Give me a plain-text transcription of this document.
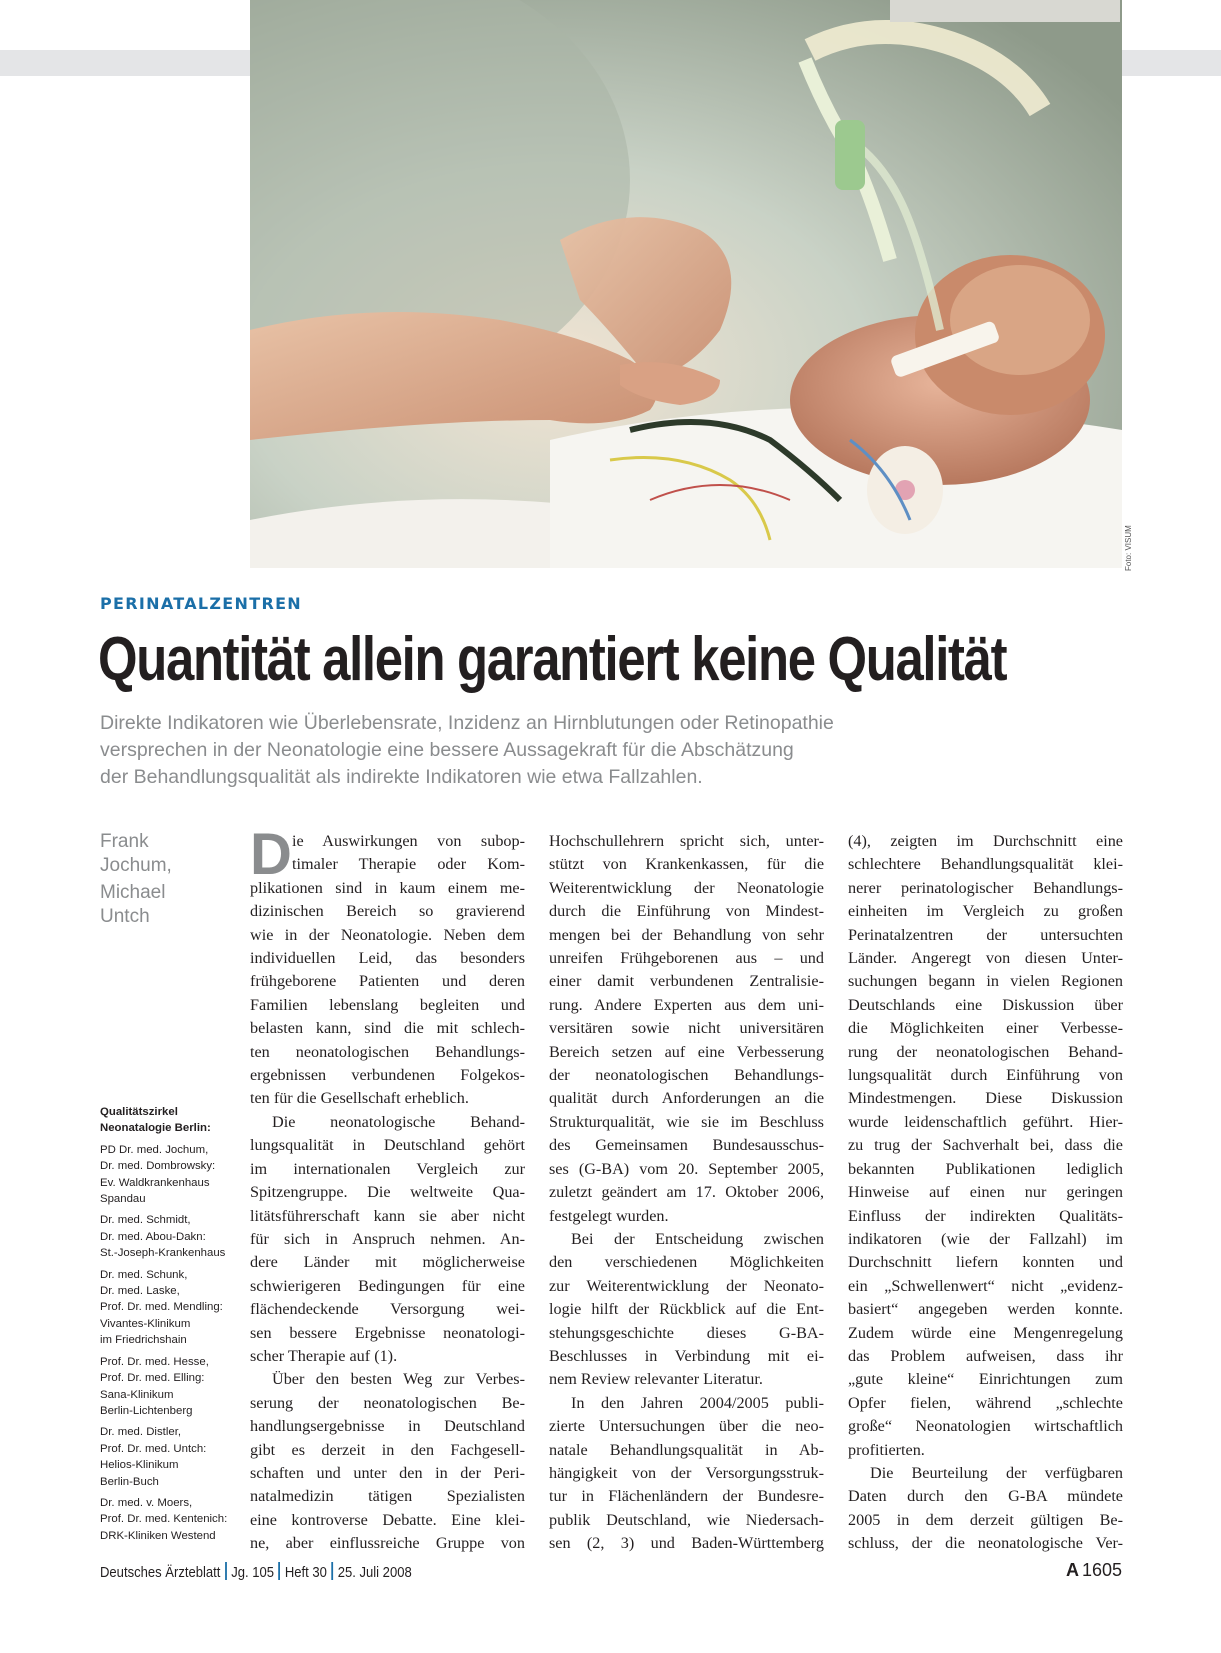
Foto: VISUM
PERINATALZENTREN
Quantität allein garantiert keine Qualität
Direkte Indikatoren wie Überlebensrate, Inzidenz an Hirnblutungen oder Retinopathie
versprechen in der Neonatologie eine bessere Aussagekraft für die Abschätzung
der Behandlungsqualität als indirekte Indikatoren wie etwa Fallzahlen.
Frank
Jochum,
Michael
Untch
Qualitätszirkel
Neonatalogie Berlin:
PD Dr. med. Jochum,
Dr. med. Dombrowsky:
Ev. Waldkrankenhaus
Spandau
Dr. med. Schmidt,
Dr. med. Abou-Dakn:
St.-Joseph-Krankenhaus
Dr. med. Schunk,
Dr. med. Laske,
Prof. Dr. med. Mendling:
Vivantes-Klinikum
im Friedrichshain
Prof. Dr. med. Hesse,
Prof. Dr. med. Elling:
Sana-Klinikum
Berlin-Lichtenberg
Dr. med. Distler,
Prof. Dr. med. Untch:
Helios-Klinikum
Berlin-Buch
Dr. med. v. Moers,
Prof. Dr. med. Kentenich:
DRK-Kliniken Westend
D ie Auswirkungen von subop-
timaler Therapie oder Kom-
plikationen sind in kaum einem me-
dizinischen Bereich so gravierend
wie in der Neonatologie. Neben dem
individuellen Leid, das besonders
frühgeborene Patienten und deren
Familien lebenslang begleiten und
belasten kann, sind die mit schlech-
ten neonatologischen Behandlungs-
ergebnissen verbundenen Folgekos-
ten für die Gesellschaft erheblich.
Die neonatologische Behand-
lungsqualität in Deutschland gehört
im internationalen Vergleich zur
Spitzengruppe. Die weltweite Qua-
litätsführerschaft kann sie aber nicht
für sich in Anspruch nehmen. An-
dere Länder mit möglicherweise
schwierigeren Bedingungen für eine
flächendeckende Versorgung wei-
sen bessere Ergebnisse neonatologi-
scher Therapie auf (1).
Über den besten Weg zur Verbes-
serung der neonatologischen Be-
handlungsergebnisse in Deutschland
gibt es derzeit in den Fachgesell-
schaften und unter den in der Peri-
natalmedizin tätigen Spezialisten
eine kontroverse Debatte. Eine klei-
ne, aber einflussreiche Gruppe von
Hochschullehrern spricht sich, unter-
stützt von Krankenkassen, für die
Weiterentwicklung der Neonatologie
durch die Einführung von Mindest-
mengen bei der Behandlung von sehr
unreifen Frühgeborenen aus – und
einer damit verbundenen Zentralisie-
rung. Andere Experten aus dem uni-
versitären sowie nicht universitären
Bereich setzen auf eine Verbesserung
der neonatologischen Behandlungs-
qualität durch Anforderungen an die
Strukturqualität, wie sie im Beschluss
des Gemeinsamen Bundesausschus-
ses (G-BA) vom 20. September 2005,
zuletzt geändert am 17. Oktober 2006,
festgelegt wurden.
Bei der Entscheidung zwischen
den verschiedenen Möglichkeiten
zur Weiterentwicklung der Neonato-
logie hilft der Rückblick auf die Ent-
stehungsgeschichte dieses G-BA-
Beschlusses in Verbindung mit ei-
nem Review relevanter Literatur.
In den Jahren 2004/2005 publi-
zierte Untersuchungen über die neo-
natale Behandlungsqualität in Ab-
hängigkeit von der Versorgungsstruk-
tur in Flächenländern der Bundesre-
publik Deutschland, wie Niedersach-
sen (2, 3) und Baden-Württemberg
(4), zeigten im Durchschnitt eine
schlechtere Behandlungsqualität klei-
nerer perinatologischer Behandlungs-
einheiten im Vergleich zu großen
Perinatalzentren der untersuchten
Länder. Angeregt von diesen Unter-
suchungen begann in vielen Regionen
Deutschlands eine Diskussion über
die Möglichkeiten einer Verbesse-
rung der neonatologischen Behand-
lungsqualität durch Einführung von
Mindestmengen. Diese Diskussion
wurde leidenschaftlich geführt. Hier-
zu trug der Sachverhalt bei, dass die
bekannten Publikationen lediglich
Hinweise auf einen nur geringen
Einfluss der indirekten Qualitäts-
indikatoren (wie der Fallzahl) im
Durchschnitt liefern konnten und
ein „Schwellenwert“ nicht „evidenz-
basiert“ angegeben werden konnte.
Zudem würde eine Mengenregelung
das Problem aufweisen, dass ihr
„gute kleine“ Einrichtungen zum
Opfer fielen, während „schlechte
große“ Neonatologien wirtschaftlich
profitierten.
Die Beurteilung der verfügbaren
Daten durch den G-BA mündete
2005 in dem derzeit gültigen Be-
schluss, der die neonatologische Ver-
Deutsches Ärzteblatt Jg. 105 Heft 30 25. Juli 2008	A 1605
